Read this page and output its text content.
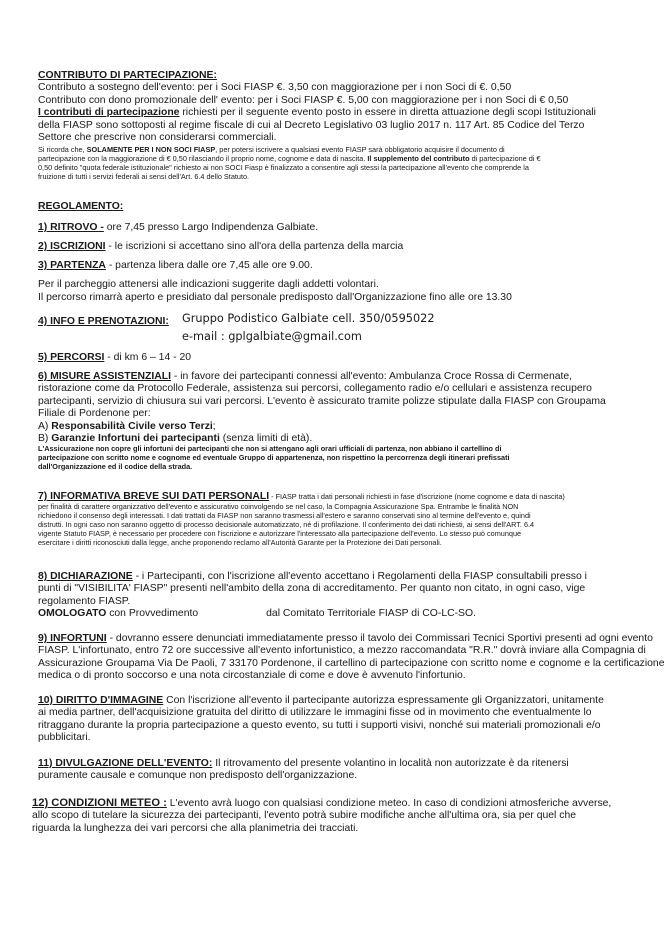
CONTRIBUTO DI PARTECIPAZIONE:

Contributo a sostegno dell'evento: per i Soci FIASP €. 3,50 con maggiorazione per i non Soci di €. 0,50

Contributo con dono promozionale dell' evento: per i Soci FIASP €. 5,00 con maggiorazione per i non Soci di € 0,50

I contributi di partecipazione richiesti per il seguente evento posto in essere in diretta attuazione degli scopi Istituzionali

della FIASP sono sottoposti al regime fiscale di cui al Decreto Legislativo 03 luglio 2017 n. 117 Art. 85 Codice del Terzo

Settore che prescrive non considerarsi commerciali.

Si ricorda che, SOLAMENTE PER I NON SOCI FIASP, per potersi iscrivere a qualsiasi evento FIASP sarà obbligatorio acquisire il documento di

partecipazione con la maggiorazione di € 0,50 rilasciando il proprio nome, cognome e data di nascita. Il supplemento del contributo di partecipazione di €

0,50 definito "quota federale istituzionale" richiesto ai non SOCI Fiasp è finalizzato a consentire agli stessi la partecipazione all'evento che comprende la

fruizione di tutti i servizi federali ai sensi dell'Art. 6.4 dello Statuto.

REGOLAMENTO:

1) RITROVO - ore 7,45 presso Largo Indipendenza Galbiate.

2) ISCRIZIONI - le iscrizioni si accettano sino all'ora della partenza della marcia

3) PARTENZA - partenza libera dalle ore 7,45 alle ore 9.00.

Per il parcheggio attenersi alle indicazioni suggerite dagli addetti volontari.

Il percorso rimarrà aperto e presidiato dal personale predisposto dall'Organizzazione fino alle ore 13.30

4) INFO E PRENOTAZIONI: Gruppo Podistico Galbiate cell. 350/0595022

e-mail : gplgalbiate@gmail.com

5) PERCORSI - di km 6 – 14 - 20

6) MISURE ASSISTENZIALI - in favore dei partecipanti connessi all'evento: Ambulanza Croce Rossa di Cermenate,

ristorazione come da Protocollo Federale, assistenza sui percorsi, collegamento radio e/o cellulari e assistenza recupero

partecipanti, servizio di chiusura sui vari percorsi. L'evento è assicurato tramite polizze stipulate dalla FIASP con Groupama

Filiale di Pordenone per:

A) Responsabilità Civile verso Terzi;

B) Garanzie Infortuni dei partecipanti (senza limiti di età).

L'Assicurazione non copre gli infortuni dei partecipanti che non si attengano agli orari ufficiali di partenza, non abbiano il cartellino di

partecipazione con scritto nome e cognome ed eventuale Gruppo di appartenenza, non rispettino la percorrenza degli itinerari prefissati

dall'Organizzazione ed il codice della strada.

7) INFORMATIVA BREVE SUI DATI PERSONALI - FIASP tratta i dati personali richiesti in fase d'iscrizione (nome cognome e data di nascita)

per finalità di carattere organizzativo dell'evento e assicurativo coinvolgendo se nel caso, la Compagnia Assicurazione Spa. Entrambe le finalità NON

richiedono il consenso degli interessati. I dati trattati da FIASP non saranno trasmessi all'estero e saranno conservati sino al termine dell'evento e, quindi

distrutti. In ogni caso non saranno oggetto di processo decisionale automatizzato, né di profilazione. Il conferimento dei dati richiesti, ai sensi dell'ART. 6.4

vigente Statuto FIASP, è necessario per procedere con l'iscrizione e autorizzare l'interessato alla partecipazione dell'evento. Lo stesso può comunque

esercitare i diritti riconosciuti dalla legge, anche proponendo reclamo all'Autorità Garante per la Protezione dei Dati personali.

8) DICHIARAZIONE - i Partecipanti, con l'iscrizione all'evento accettano i Regolamenti della FIASP consultabili presso i

punti di "VISIBILITA' FIASP" presenti nell'ambito della zona di accreditamento. Per quanto non citato, in ogni caso, vige

regolamento FIASP.

OMOLOGATO con Provvedimento	dal Comitato Territoriale FIASP di CO-LC-SO.

9) INFORTUNI - dovranno essere denunciati immediatamente presso il tavolo dei Commissari Tecnici Sportivi presenti ad ogni evento

FIASP. L'infortunato, entro 72 ore successive all'evento infortunistico, a mezzo raccomandata "R.R." dovrà inviare alla Compagnia di

Assicurazione Groupama Via De Paoli, 7 33170 Pordenone, il cartellino di partecipazione con scritto nome e cognome e la certificazione

medica o di pronto soccorso e una nota circostanziale di come e dove è avvenuto l'infortunio.

10) DIRITTO D'IMMAGINE Con l'iscrizione all'evento il partecipante autorizza espressamente gli Organizzatori, unitamente

ai media partner, dell'acquisizione gratuita del diritto di utilizzare le immagini fisse od in movimento che eventualmente lo

ritraggano durante la propria partecipazione a questo evento, su tutti i supporti visivi, nonché sui materiali promozionali e/o

pubblicitari.

11) DIVULGAZIONE DELL'EVENTO: Il ritrovamento del presente volantino in località non autorizzate è da ritenersi

puramente causale e comunque non predisposto dell'organizzazione.

12) CONDIZIONI METEO : L'evento avrà luogo con qualsiasi condizione meteo. In caso di condizioni atmosferiche avverse,

allo scopo di tutelare la sicurezza dei partecipanti, l'evento potrà subire modifiche anche all'ultima ora, sia per quel che

riguarda la lunghezza dei vari percorsi che alla planimetria dei tracciati.
